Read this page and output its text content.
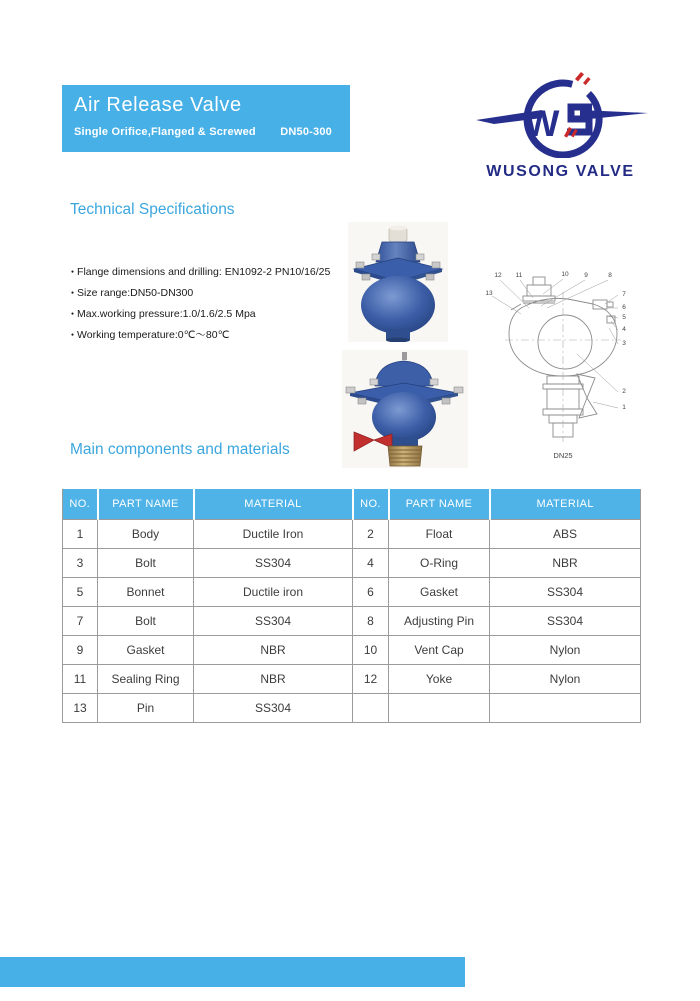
Air Release Valve
Single Orifice,Flanged & Screwed DN50-300	W
WUSONG VALVE
Technical Specifications
● Flange dimensions and drilling: EN1092-2 PN10/16/25
● Size range:DN50-DN300
● Max.working pressure:1.0/1.6/2.5 Mpa
● Working temperature:0℃～80℃
12 11	10 9	8
13	7
6
5
4
3
2
1
DN25
Main components and materials
NO.	PART NAME	MATERIAL	NO.	PART NAME	MATERIAL
1	Body	Ductile Iron	2	Float	ABS
3	Bolt	SS304	4	O-Ring	NBR
5	Bonnet	Ductile iron	6	Gasket	SS304
7	Bolt	SS304	8	Adjusting Pin	SS304
9	Gasket	NBR	10	Vent Cap	Nylon
11	Sealing Ring	NBR	12	Yoke	Nylon
13	Pin	SS304			
